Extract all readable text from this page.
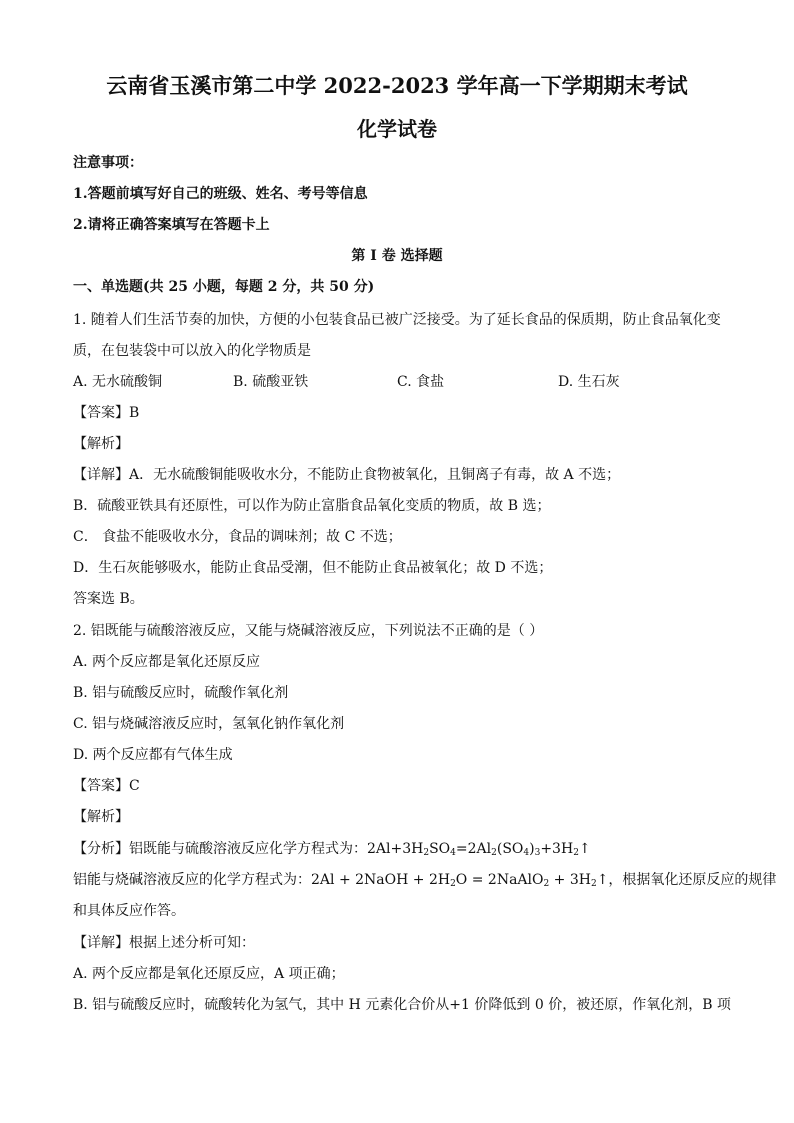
云南省玉溪市第二中学 2022-2023 学年高一下学期期末考试
化学试卷
注意事项：
1.答题前填写好自己的班级、姓名、考号等信息
2.请将正确答案填写在答题卡上
第 I 卷 选择题
一、单选题(共 25 小题，每题 2 分，共 50 分)
1. 随着人们生活节奏的加快，方便的小包装食品已被广泛接受。为了延长食品的保质期，防止食品氧化变
质，在包装袋中可以放入的化学物质是
A. 无水硫酸铜	B. 硫酸亚铁	C. 食盐	D. 生石灰
【答案】B
【解析】
【详解】A．无水硫酸铜能吸收水分，不能防止食物被氧化，且铜离子有毒，故 A 不选；
B．硫酸亚铁具有还原性，可以作为防止富脂食品氧化变质的物质，故 B 选；
C． 食盐不能吸收水分，食品的调味剂；故 C 不选；
D．生石灰能够吸水，能防止食品受潮，但不能防止食品被氧化；故 D 不选；
答案选 B。
2. 铝既能与硫酸溶液反应，又能与烧碱溶液反应，下列说法不正确的是（ ）
A. 两个反应都是氧化还原反应
B. 铝与硫酸反应时，硫酸作氧化剂
C. 铝与烧碱溶液反应时，氢氧化钠作氧化剂
D. 两个反应都有气体生成
【答案】C
【解析】
【分析】铝既能与硫酸溶液反应化学方程式为：$2Al+3H_2SO_4=2Al_2(SO_4)_3+3H_2↑$
铝能与烧碱溶液反应的化学方程式为：2Al + 2NaOH + $2H_2O$ = 2NaAlO$_2$ + $3H_2↑$，根据氧化还原反应的规律
和具体反应作答。
【详解】根据上述分析可知：
A. 两个反应都是氧化还原反应，A 项正确；
B. 铝与硫酸反应时，硫酸转化为氢气，其中 H 元素化合价从+1 价降低到 0 价，被还原，作氧化剂，B 项
